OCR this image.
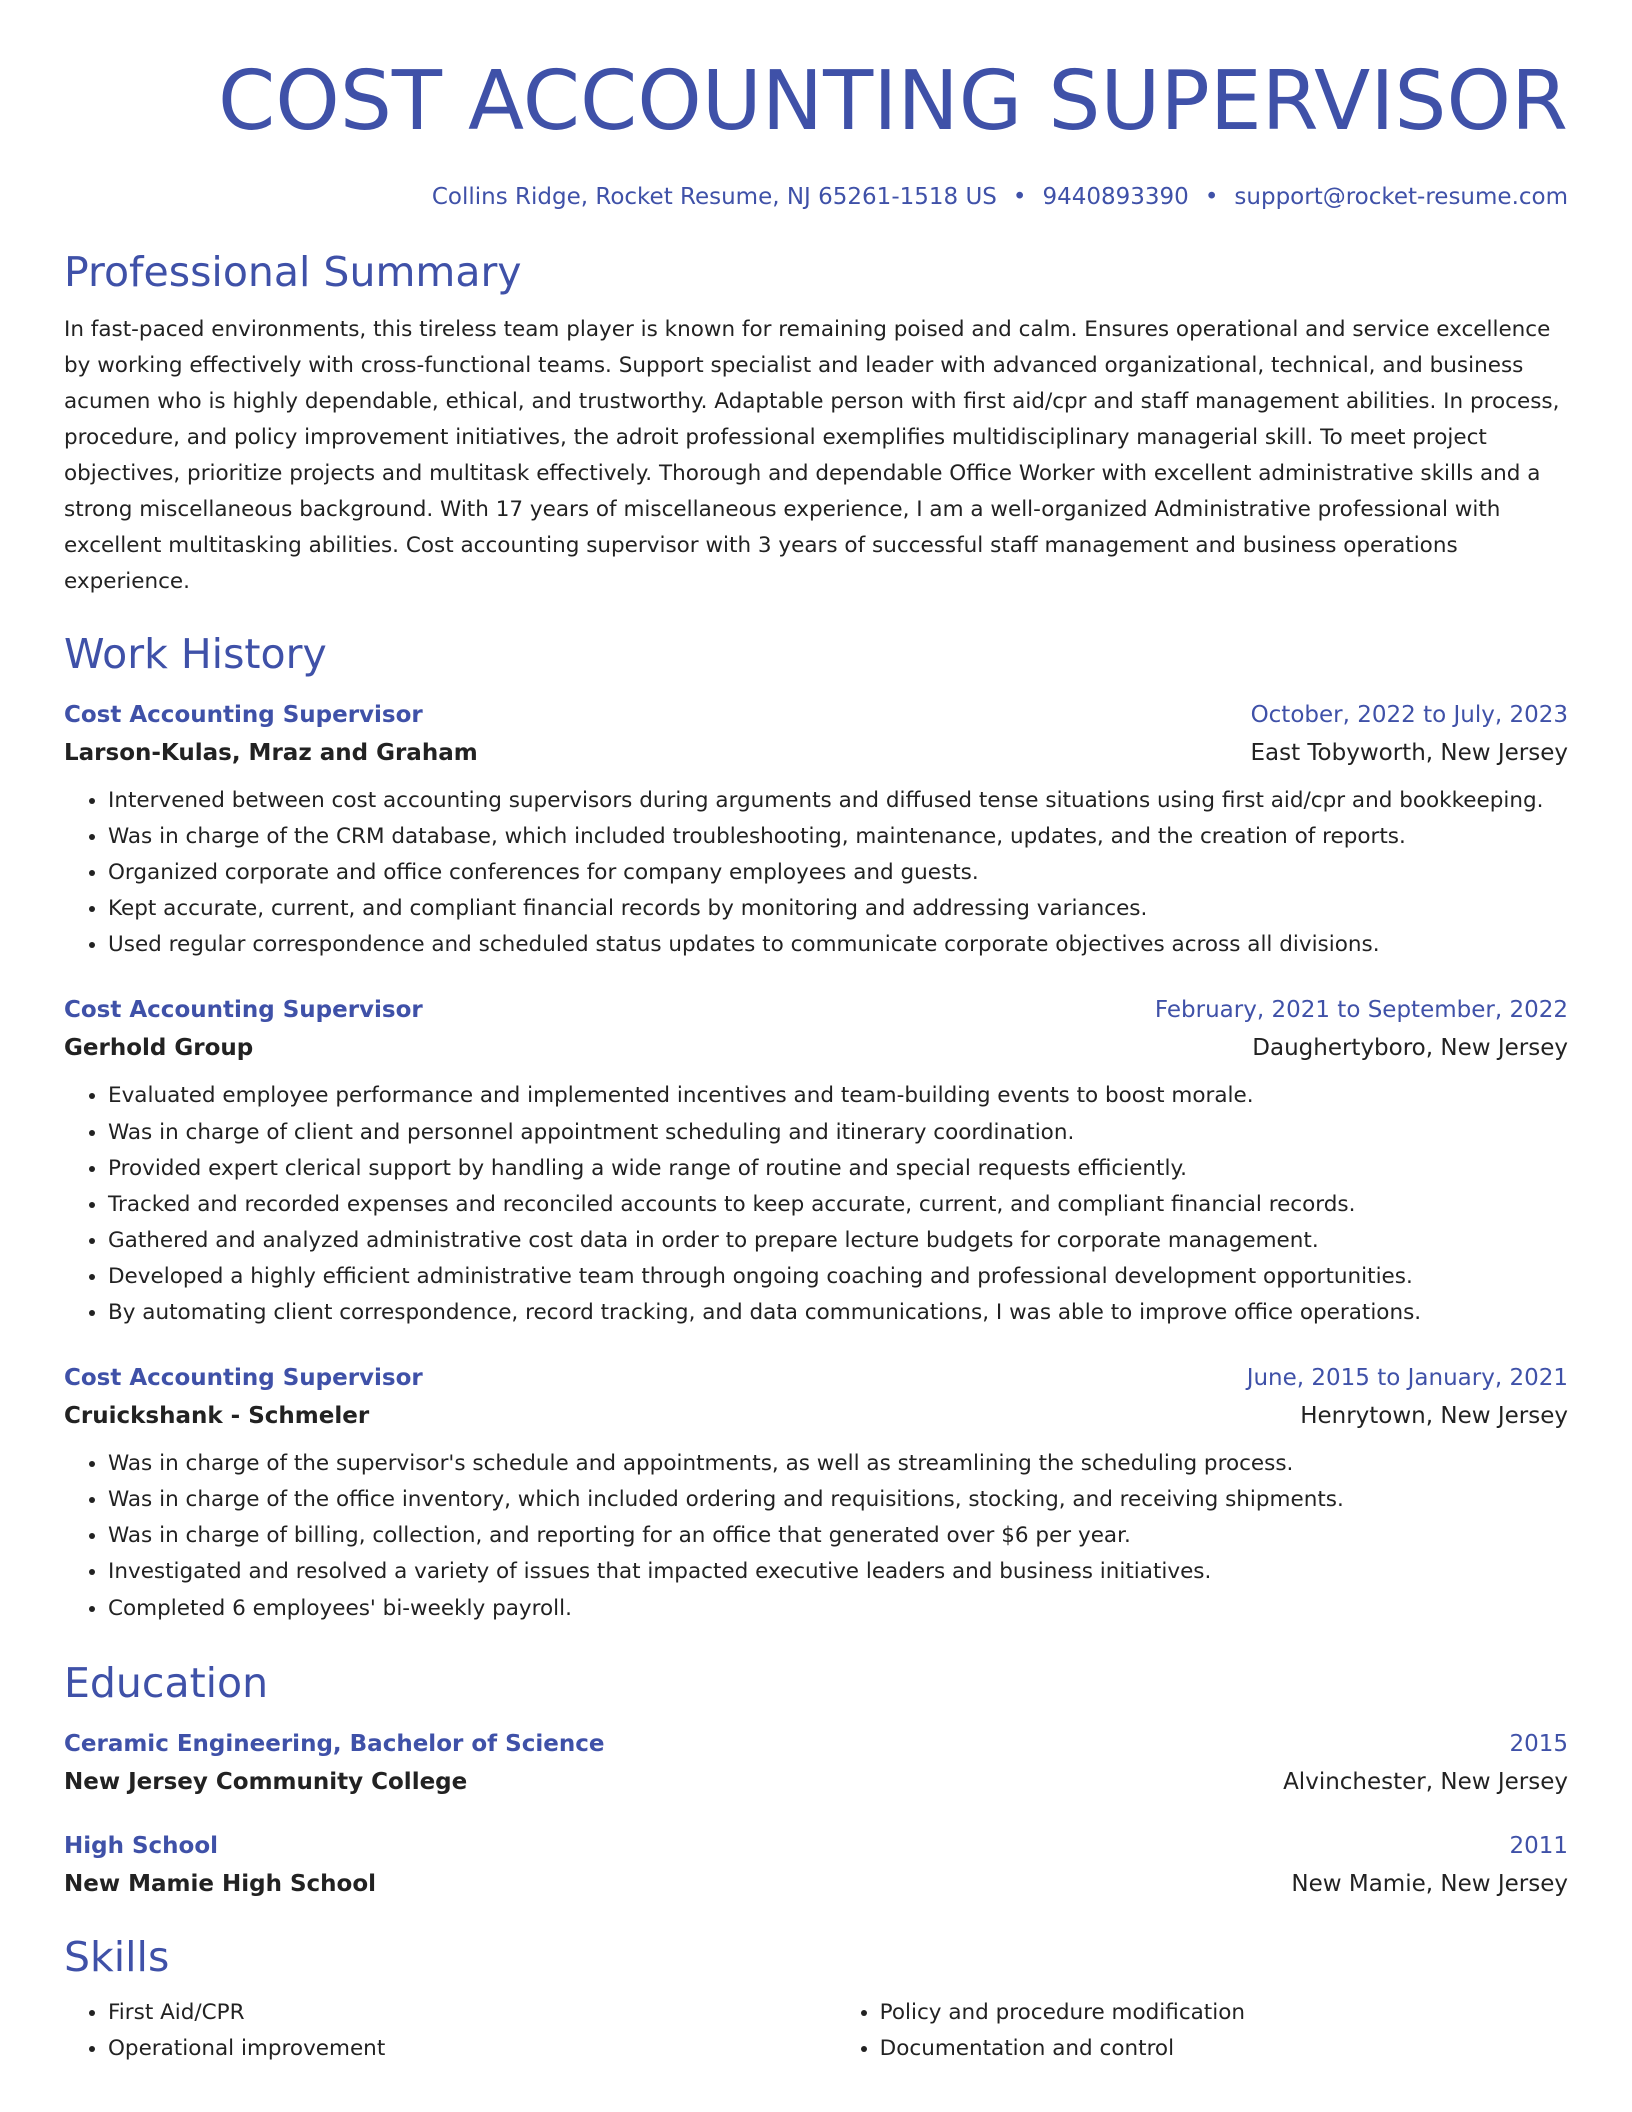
COST ACCOUNTING SUPERVISOR
Collins Ridge, Rocket Resume, NJ 65261-1518 US • 9440893390 • support@rocket-resume.com
Professional Summary
In fast-paced environments, this tireless team player is known for remaining poised and calm. Ensures operational and service excellence by working effectively with cross-functional teams. Support specialist and leader with advanced organizational, technical, and business acumen who is highly dependable, ethical, and trustworthy. Adaptable person with first aid/cpr and staff management abilities. In process, procedure, and policy improvement initiatives, the adroit professional exemplifies multidisciplinary managerial skill. To meet project objectives, prioritize projects and multitask effectively. Thorough and dependable Office Worker with excellent administrative skills and a strong miscellaneous background. With 17 years of miscellaneous experience, I am a well-organized Administrative professional with excellent multitasking abilities. Cost accounting supervisor with 3 years of successful staff management and business operations experience.
Work History
Cost Accounting Supervisor	October, 2022 to July, 2023
Larson-Kulas, Mraz and Graham	East Tobyworth, New Jersey
• Intervened between cost accounting supervisors during arguments and diffused tense situations using first aid/cpr and bookkeeping.
• Was in charge of the CRM database, which included troubleshooting, maintenance, updates, and the creation of reports.
• Organized corporate and office conferences for company employees and guests.
• Kept accurate, current, and compliant financial records by monitoring and addressing variances.
• Used regular correspondence and scheduled status updates to communicate corporate objectives across all divisions.
Cost Accounting Supervisor	February, 2021 to September, 2022
Gerhold Group	Daughertyboro, New Jersey
• Evaluated employee performance and implemented incentives and team-building events to boost morale.
• Was in charge of client and personnel appointment scheduling and itinerary coordination.
• Provided expert clerical support by handling a wide range of routine and special requests efficiently.
• Tracked and recorded expenses and reconciled accounts to keep accurate, current, and compliant financial records.
• Gathered and analyzed administrative cost data in order to prepare lecture budgets for corporate management.
• Developed a highly efficient administrative team through ongoing coaching and professional development opportunities.
• By automating client correspondence, record tracking, and data communications, I was able to improve office operations.
Cost Accounting Supervisor	June, 2015 to January, 2021
Cruickshank - Schmeler	Henrytown, New Jersey
• Was in charge of the supervisor's schedule and appointments, as well as streamlining the scheduling process.
• Was in charge of the office inventory, which included ordering and requisitions, stocking, and receiving shipments.
• Was in charge of billing, collection, and reporting for an office that generated over $6 per year.
• Investigated and resolved a variety of issues that impacted executive leaders and business initiatives.
• Completed 6 employees' bi-weekly payroll.
Education
Ceramic Engineering, Bachelor of Science	2015
New Jersey Community College	Alvinchester, New Jersey
High School	2011
New Mamie High School	New Mamie, New Jersey
Skills
• First Aid/CPR
• Operational improvement
• Policy and procedure modification
• Documentation and control
